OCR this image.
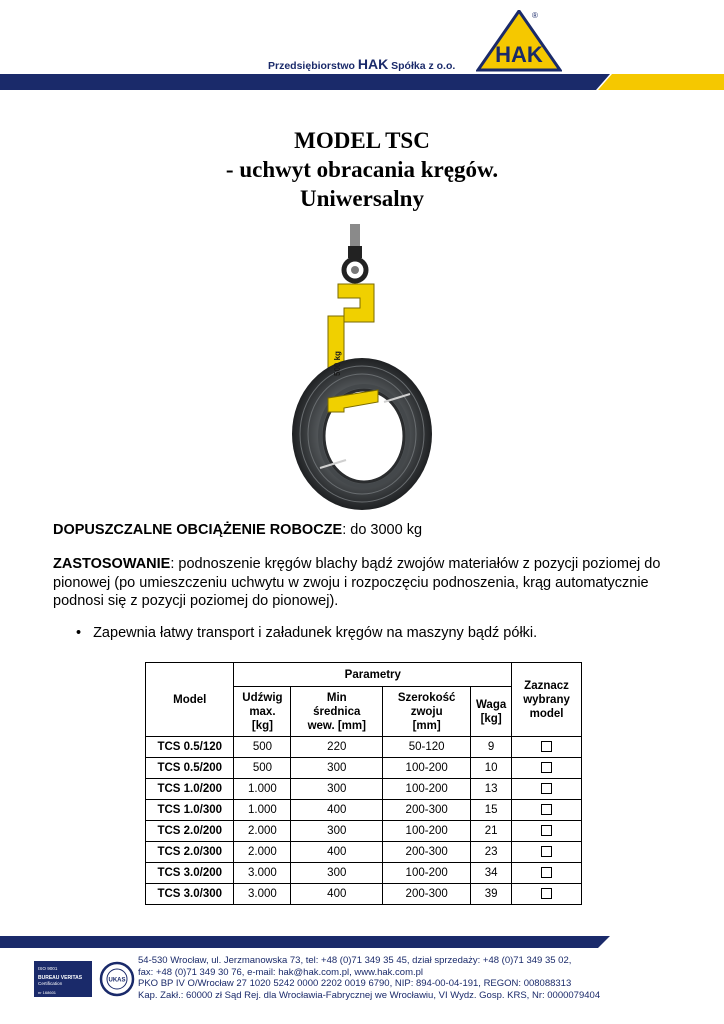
Przedsiębiorstwo HAK Spółka z o.o. HAK
®
MODEL TSC
- uchwyt obracania kręgów.
Uniwersalny
500 kg
DOPUSZCZALNE OBCIĄŻENIE ROBOCZE: do 3000 kg
ZASTOSOWANIE: podnoszenie kręgów blachy bądź zwojów materiałów z pozycji poziomej do pionowej (po umieszczeniu uchwytu w zwoju i rozpoczęciu podnoszenia, krąg automatycznie podnosi się z pozycji poziomej do pionowej).
• Zapewnia łatwy transport i załadunek kręgów na maszyny bądź półki.
Model	Parametry				Zaznacz wybrany model
	Udźwig max. [kg]	Min średnica wew. [mm]	Szerokość zwoju [mm]	Waga [kg]	
TCS 0.5/120	500	220	50-120	9	
TCS 0.5/200	500	300	100-200	10	
TCS 1.0/200	1.000	300	100-200	13	
TCS 1.0/300	1.000	400	200-300	15	
TCS 2.0/200	2.000	300	100-200	21	
TCS 2.0/300	2.000	400	200-300	23	
TCS 3.0/200	3.000	300	100-200	34	
TCS 3.0/300	3.000	400	200-300	39	
ISO 9001
BUREAU VERITAS
Certification
nr 168601
UKAS
54-530 Wrocław, ul. Jerzmanowska 73, tel: +48 (0)71 349 35 45, dział sprzedaży: +48 (0)71 349 35 02,
fax: +48 (0)71 349 30 76, e-mail: hak@hak.com.pl, www.hak.com.pl
PKO BP IV O/Wrocław 27 1020 5242 0000 2202 0019 6790, NIP: 894-00-04-191, REGON: 008088313
Kap. Zakł.: 60000 zł Sąd Rej. dla Wrocławia-Fabrycznej we Wrocławiu, VI Wydz. Gosp. KRS, Nr: 0000079404
